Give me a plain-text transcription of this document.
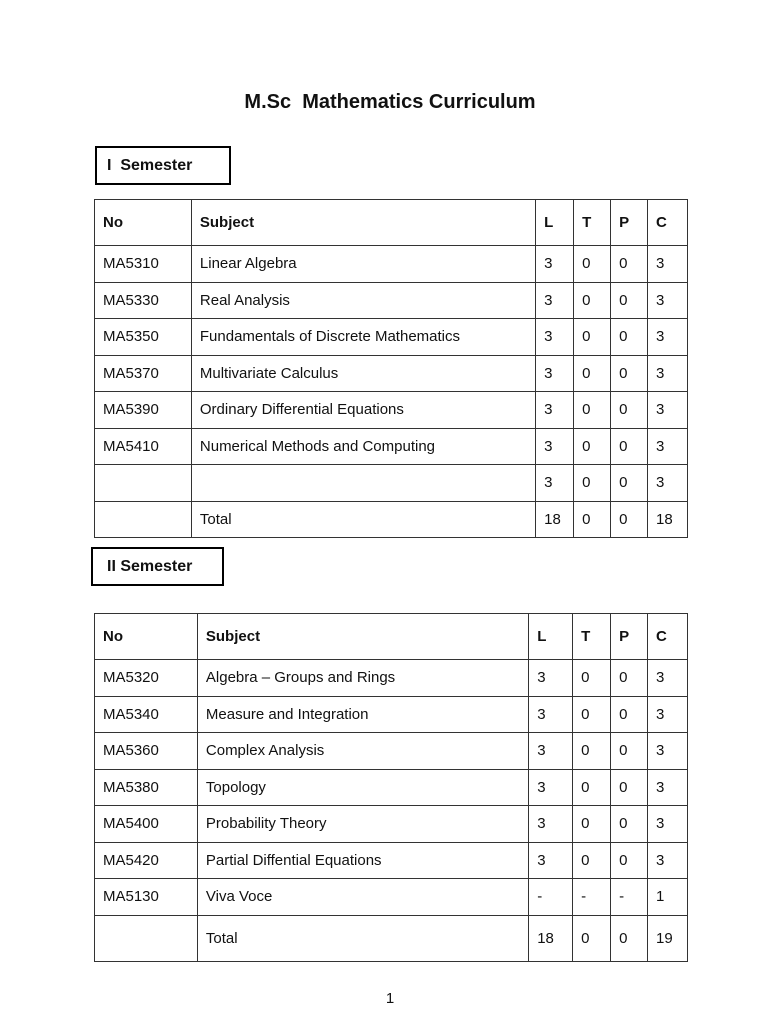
M.Sc  Mathematics Curriculum
I  Semester
No	Subject	L	T	P	C
MA5310	Linear Algebra	3	0	0	3
MA5330	Real Analysis	3	0	0	3
MA5350	Fundamentals of Discrete Mathematics	3	0	0	3
MA5370	Multivariate Calculus	3	0	0	3
MA5390	Ordinary Differential Equations	3	0	0	3
MA5410	Numerical Methods and Computing	3	0	0	3
		3	0	0	3
	Total	18	0	0	18
II Semester
No	Subject	L	T	P	C
MA5320	Algebra – Groups and Rings	3	0	0	3
MA5340	Measure and Integration	3	0	0	3
MA5360	Complex Analysis	3	0	0	3
MA5380	Topology	3	0	0	3
MA5400	Probability Theory	3	0	0	3
MA5420	Partial Diffential Equations	3	0	0	3
MA5130	Viva Voce	-	-	-	1
	Total	18	0	0	19
1
